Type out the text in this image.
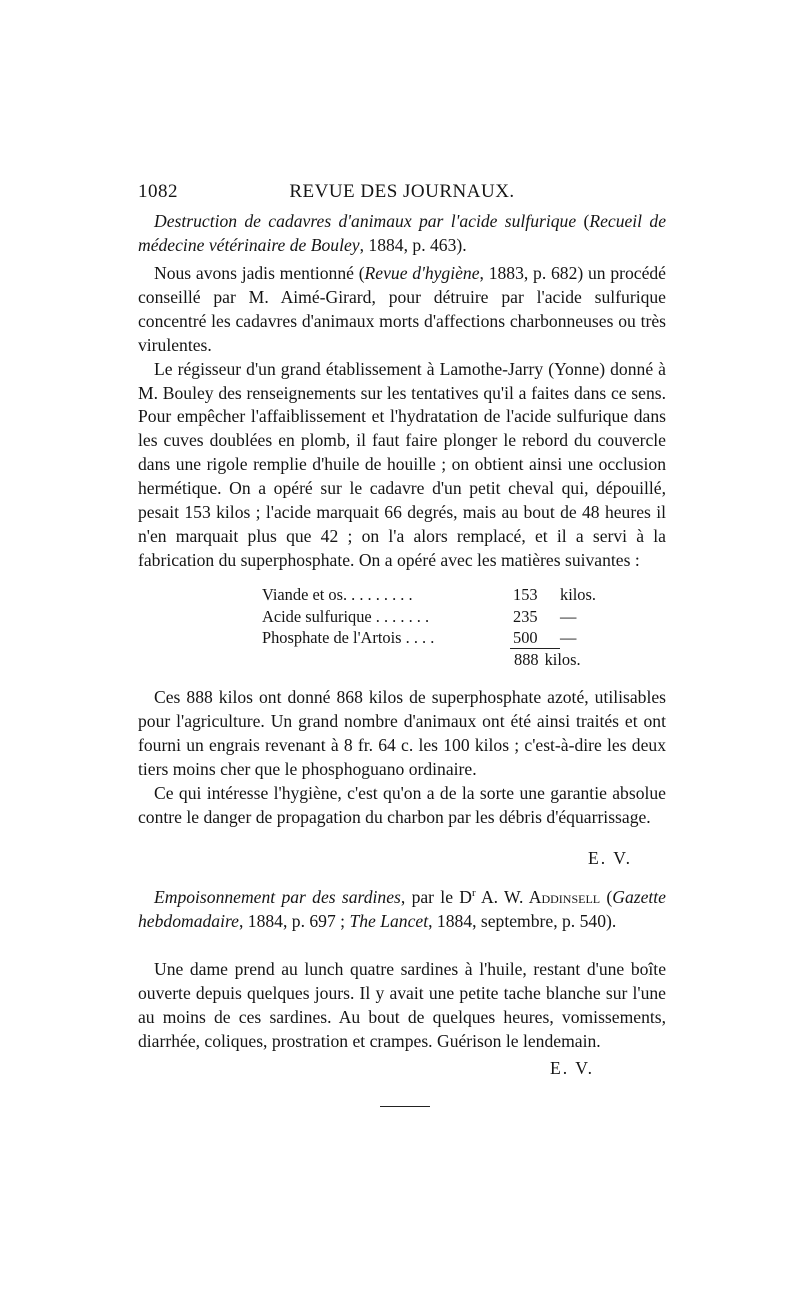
1082	REVUE DES JOURNAUX.

Destruction de cadavres d'animaux par l'acide sulfurique (Recueil de médecine vétérinaire de Bouley, 1884, p. 463).

Nous avons jadis mentionné (Revue d'hygiène, 1883, p. 682) un procédé conseillé par M. Aimé-Girard, pour détruire par l'acide sulfurique concentré les cadavres d'animaux morts d'affections charbonneuses ou très virulentes.

Le régisseur d'un grand établissement à Lamothe-Jarry (Yonne) donné à M. Bouley des renseignements sur les tentatives qu'il a faites dans ce sens. Pour empêcher l'affaiblissement et l'hydratation de l'acide sulfurique dans les cuves doublées en plomb, il faut faire plonger le rebord du couvercle dans une rigole remplie d'huile de houille ; on obtient ainsi une occlusion hermétique. On a opéré sur le cadavre d'un petit cheval qui, dépouillé, pesait 153 kilos ; l'acide marquait 66 degrés, mais au bout de 48 heures il n'en marquait plus que 42 ; on l'a alors remplacé, et il a servi à la fabrication du superphosphate. On a opéré avec les matières suivantes :

Viande et os. . . . . . . . .	153 kilos.
Acide sulfurique . . . . . . .	235 —
Phosphate de l'Artois . . . .	500 —
888 kilos.

Ces 888 kilos ont donné 868 kilos de superphosphate azoté, utilisables pour l'agriculture. Un grand nombre d'animaux ont été ainsi traités et ont fourni un engrais revenant à 8 fr. 64 c. les 100 kilos ; c'est-à-dire les deux tiers moins cher que le phosphoguano ordinaire.

Ce qui intéresse l'hygiène, c'est qu'on a de la sorte une garantie absolue contre le danger de propagation du charbon par les débris d'équarrissage.

E. V.

Empoisonnement par des sardines, par le $D^r$ A. W. Addinsell (Gazette hebdomadaire, 1884, p. 697 ; The Lancet, 1884, septembre, p. 540).

Une dame prend au lunch quatre sardines à l'huile, restant d'une boîte ouverte depuis quelques jours. Il y avait une petite tache blanche sur l'une au moins de ces sardines. Au bout de quelques heures, vomissements, diarrhée, coliques, prostration et crampes. Guérison le lendemain.

E. V.
